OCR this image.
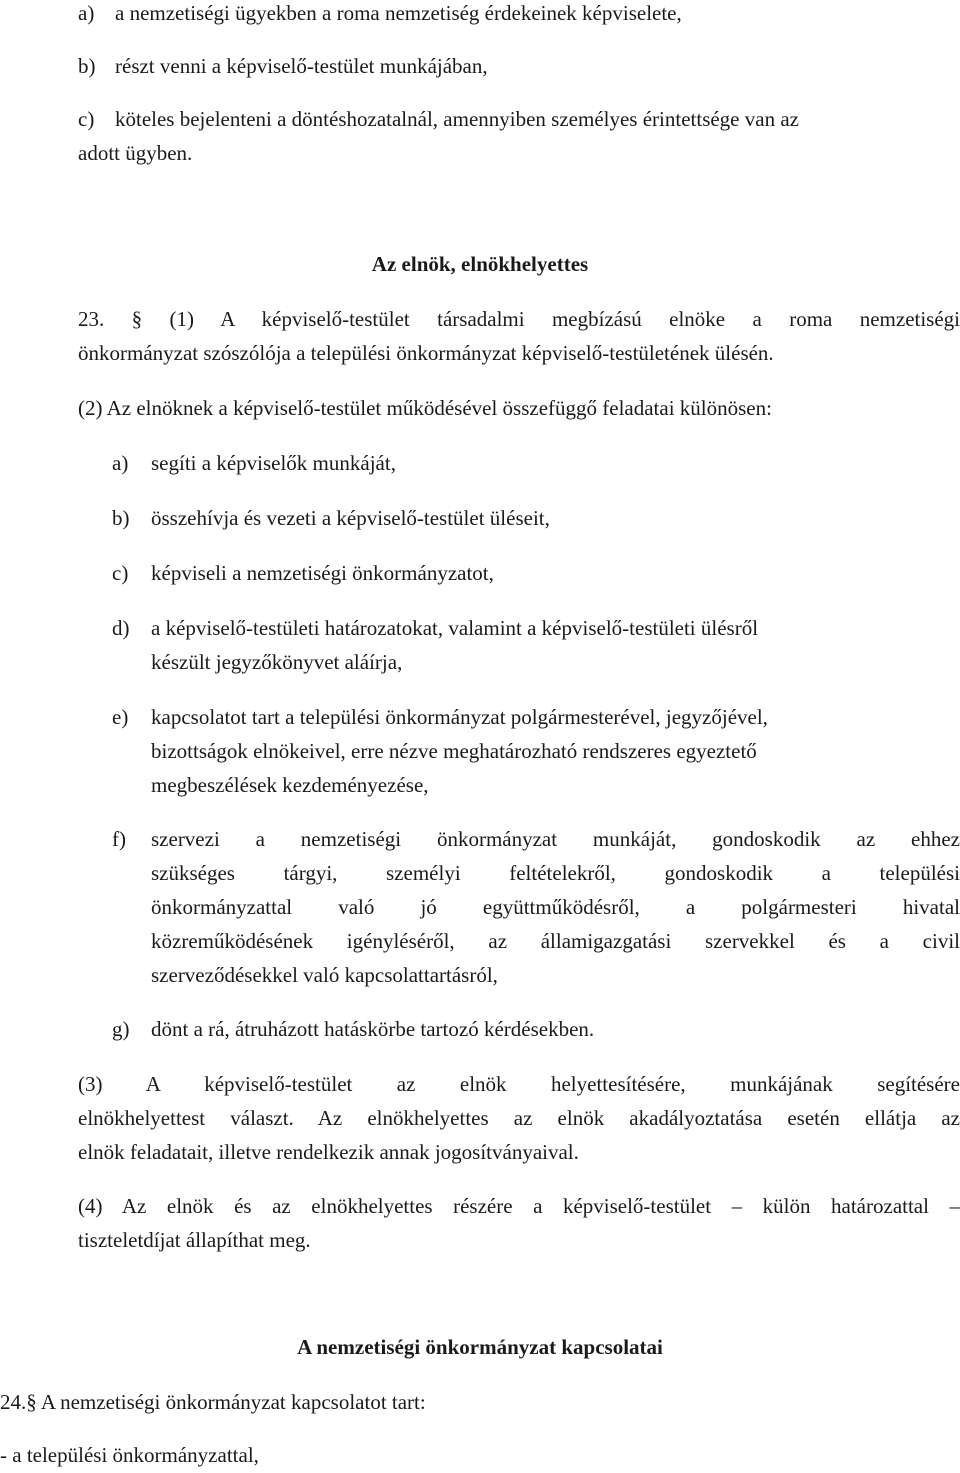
a) a nemzetiségi ügyekben a roma nemzetiség érdekeinek képviselete,
b) részt venni a képviselő-testület munkájában,
c) köteles bejelenteni a döntéshozatalnál, amennyiben személyes érintettsége van az
adott ügyben.
Az elnök, elnökhelyettes
23. § (1) A képviselő-testület társadalmi megbízású elnöke a roma nemzetiségi
önkormányzat szószólója a települési önkormányzat képviselő-testületének ülésén.
(2) Az elnöknek a képviselő-testület működésével összefüggő feladatai különösen:
a) segíti a képviselők munkáját,
b) összehívja és vezeti a képviselő-testület üléseit,
c) képviseli a nemzetiségi önkormányzatot,
d) a képviselő-testületi határozatokat, valamint a képviselő-testületi ülésről
készült jegyzőkönyvet aláírja,
e) kapcsolatot tart a települési önkormányzat polgármesterével, jegyzőjével,
bizottságok elnökeivel, erre nézve meghatározható rendszeres egyeztető
megbeszélések kezdeményezése,
f) szervezi a nemzetiségi önkormányzat munkáját, gondoskodik az ehhez
szükséges tárgyi, személyi feltételekről, gondoskodik a települési
önkormányzattal való jó együttműködésről, a polgármesteri hivatal
közreműködésének igényléséről, az államigazgatási szervekkel és a civil
szerveződésekkel való kapcsolattartásról,
g) dönt a rá, átruházott hatáskörbe tartozó kérdésekben.
(3) A képviselő-testület az elnök helyettesítésére, munkájának segítésére
elnökhelyettest választ. Az elnökhelyettes az elnök akadályoztatása esetén ellátja az
elnök feladatait, illetve rendelkezik annak jogosítványaival.
(4) Az elnök és az elnökhelyettes részére a képviselő-testület – külön határozattal –
tiszteletdíjat állapíthat meg.
A nemzetiségi önkormányzat kapcsolatai
24.§ A nemzetiségi önkormányzat kapcsolatot tart:
- a települési önkormányzattal,
